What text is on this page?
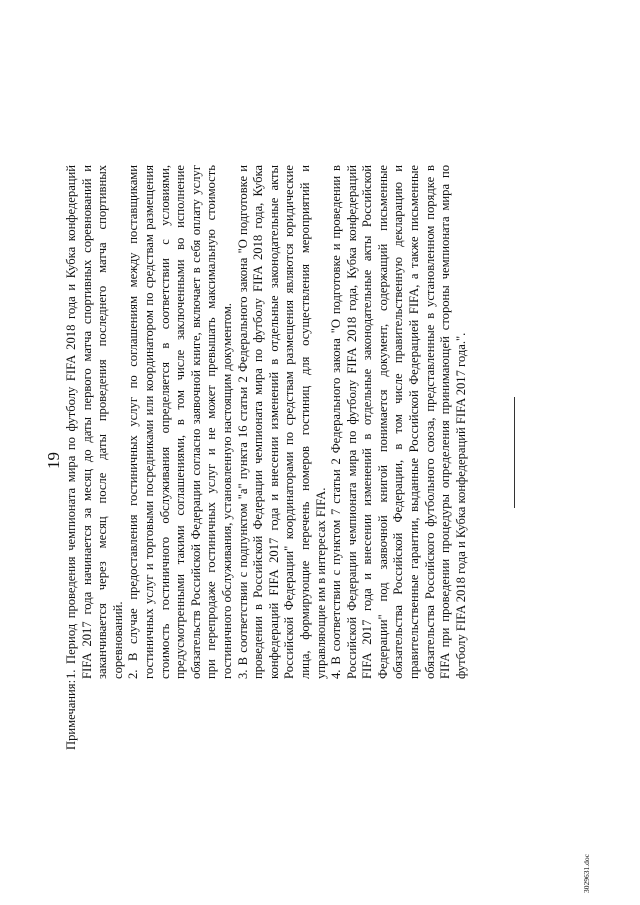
19
Примечания:

1. Период проведения чемпионата мира по футболу FIFA 2018 года и Кубка конфедераций FIFA 2017 года начинается за месяц до даты первого матча спортивных соревнований и заканчивается через месяц после даты проведения последнего матча спортивных соревнований. 2. В случае предоставления гостиничных услуг по соглашениям между поставщиками гостиничных услуг и торговыми посредниками или координатором по средствам размещения стоимость гостиничного обслуживания определяется в соответствии с условиями, предусмотренными такими соглашениями, в том числе заключенными во исполнение обязательств Российской Федерации согласно заявочной книге, включает в себя оплату услуг при перепродаже гостиничных услуг и не может превышать максимальную стоимость гостиничного обслуживания, установленную настоящим документом. 3. В соответствии с подпунктом "а" пункта 16 статьи 2 Федерального закона "О подготовке и проведении в Российской Федерации чемпионата мира по футболу FIFA 2018 года, Кубка конфедераций FIFA 2017 года и внесении изменений в отдельные законодательные акты Российской Федерации" координаторами по средствам размещения являются юридические лица, формирующие перечень номеров гостиниц для осуществления мероприятий и управляющие им в интересах FIFA. 4. В соответствии с пунктом 7 статьи 2 Федерального закона "О подготовке и проведении в Российской Федерации чемпионата мира по футболу FIFA 2018 года, Кубка конфедераций FIFA 2017 года и внесении изменений в отдельные законодательные акты Российской Федерации" под заявочной книгой понимается документ, содержащий письменные обязательства Российской Федерации, в том числе правительственную декларацию и правительственные гарантии, выданные Российской Федерацией FIFA, а также письменные обязательства Российского футбольного союза, представленные в установленном порядке в FIFA при проведении процедуры определения принимающей стороны чемпионата мира по футболу FIFA 2018 года и Кубка конфедераций FIFA 2017 года.".

3029631.doc
